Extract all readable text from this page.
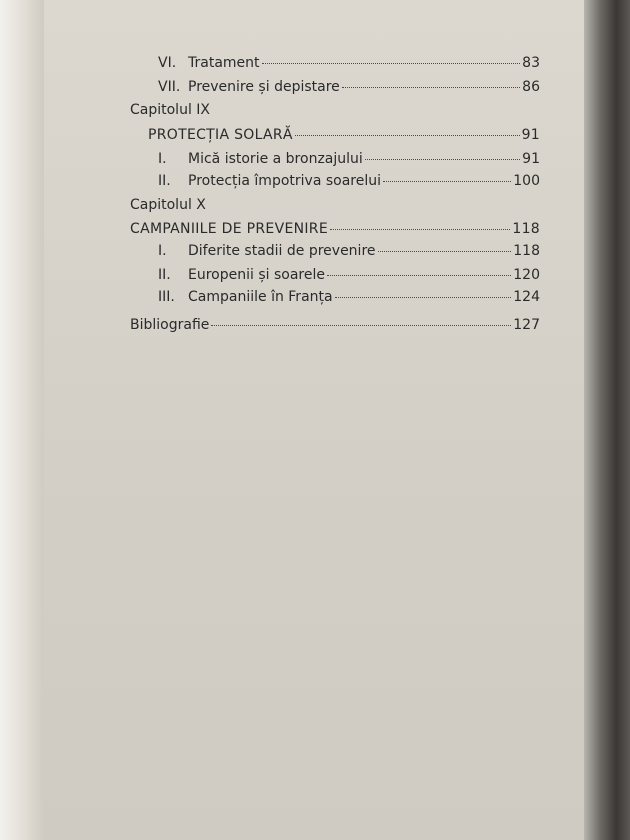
VI. Tratament	83
VII. Prevenire și depistare	86
Capitolul IX
PROTECȚIA SOLARĂ	91
I.	Mică istorie a bronzajului	91
II.	Protecția împotriva soarelui	100
Capitolul X
CAMPANIILE DE PREVENIRE	118
I.	Diferite stadii de prevenire	118
II.	Europenii și soarele	120
III. Campaniile în Franța	124
Bibliografie	127
